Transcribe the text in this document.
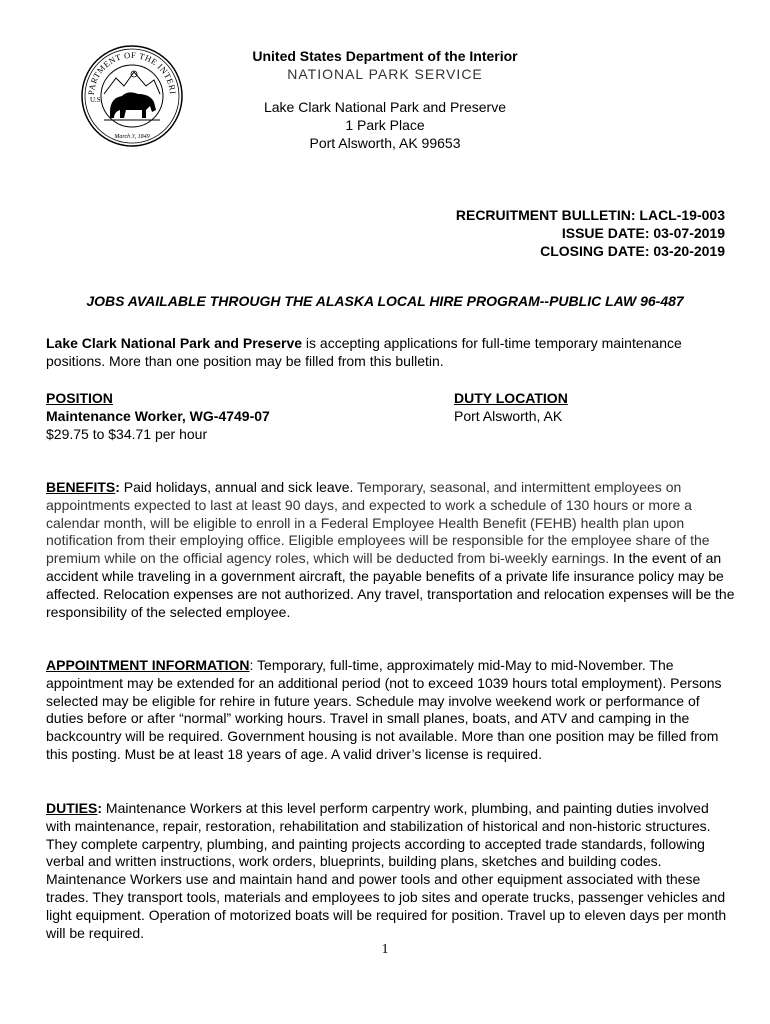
PARTMENT OF THE INTERI
U.S.
March 3, 1849
United States Department of the Interior
NATIONAL PARK SERVICE
Lake Clark National Park and Preserve
1 Park Place
Port Alsworth, AK 99653
RECRUITMENT BULLETIN: LACL-19-003
ISSUE DATE: 03-07-2019
CLOSING DATE: 03-20-2019
JOBS AVAILABLE THROUGH THE ALASKA LOCAL HIRE PROGRAM--PUBLIC LAW 96-487
Lake Clark National Park and Preserve is accepting applications for full-time temporary maintenance positions. More than one position may be filled from this bulletin.
POSITION
Maintenance Worker, WG-4749-07
$29.75 to $34.71 per hour
DUTY LOCATION
Port Alsworth, AK
BENEFITS: Paid holidays, annual and sick leave. Temporary, seasonal, and intermittent employees on appointments expected to last at least 90 days, and expected to work a schedule of 130 hours or more a calendar month, will be eligible to enroll in a Federal Employee Health Benefit (FEHB) health plan upon notification from their employing office. Eligible employees will be responsible for the employee share of the premium while on the official agency roles, which will be deducted from bi-weekly earnings. In the event of an accident while traveling in a government aircraft, the payable benefits of a private life insurance policy may be affected. Relocation expenses are not authorized. Any travel, transportation and relocation expenses will be the responsibility of the selected employee.
APPOINTMENT INFORMATION: Temporary, full-time, approximately mid-May to mid-November. The appointment may be extended for an additional period (not to exceed 1039 hours total employment). Persons selected may be eligible for rehire in future years. Schedule may involve weekend work or performance of duties before or after “normal” working hours. Travel in small planes, boats, and ATV and camping in the backcountry will be required. Government housing is not available. More than one position may be filled from this posting. Must be at least 18 years of age. A valid driver’s license is required.
DUTIES: Maintenance Workers at this level perform carpentry work, plumbing, and painting duties involved with maintenance, repair, restoration, rehabilitation and stabilization of historical and non-historic structures. They complete carpentry, plumbing, and painting projects according to accepted trade standards, following verbal and written instructions, work orders, blueprints, building plans, sketches and building codes. Maintenance Workers use and maintain hand and power tools and other equipment associated with these trades. They transport tools, materials and employees to job sites and operate trucks, passenger vehicles and light equipment. Operation of motorized boats will be required for position. Travel up to eleven days per month will be required.
1
